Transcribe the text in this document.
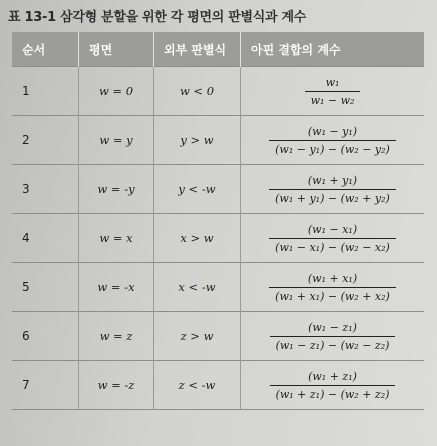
표 13-1 삼각형 분할을 위한 각 평면의 판별식과 계수
순서	평면	외부 판별식	아핀 결합의 계수
1	w = 0	w < 0	$\frac{\text{w₁}}{\text{w₁ − w₂}}$

2	w = y	y > w	$\frac{\text{(w₁ − y₁)}}{\text{(w₁ − y₁) − (w₂ − y₂)}}$

3	w = -y	y < -w	$\frac{\text{(w₁ + y₁)}}{\text{(w₁ + y₁) − (w₂ + y₂)}}$

4	w = x	x > w	$\frac{\text{(w₁ − x₁)}}{\text{(w₁ − x₁) − (w₂ − x₂)}}$

5	w = -x	x < -w	$\frac{\text{(w₁ + x₁)}}{\text{(w₁ + x₁) − (w₂ + x₂)}}$

6	w = z	z > w	$\frac{\text{(w₁ − z₁)}}{\text{(w₁ − z₁) − (w₂ − z₂)}}$

7	w = -z	z < -w	$\frac{\text{(w₁ + z₁)}}{\text{(w₁ + z₁) − (w₂ + z₂)}}$
